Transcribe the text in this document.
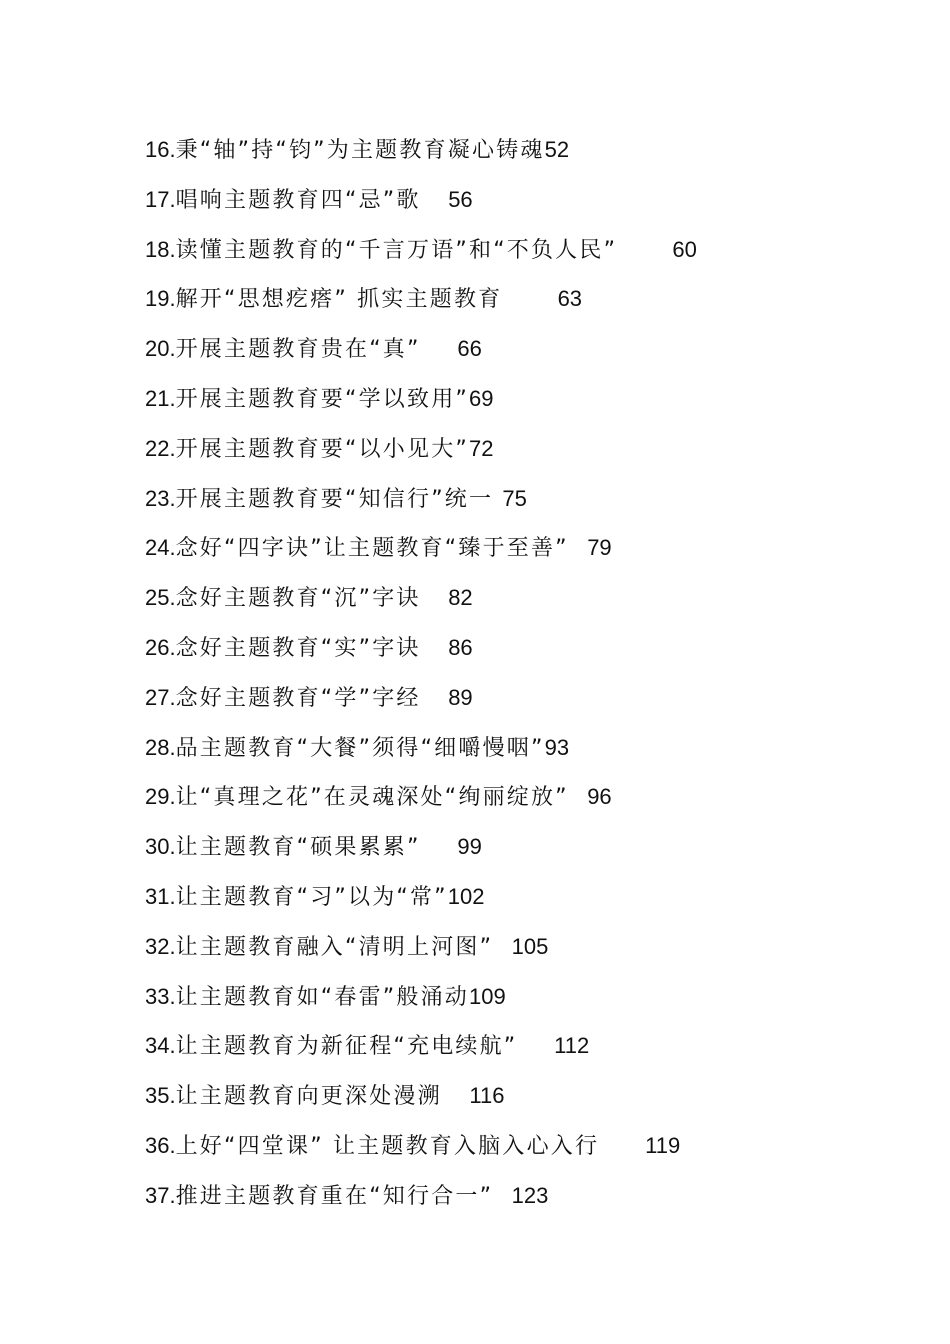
16.秉“轴”持“钧”为主题教育凝心铸魂52
17.唱响主题教育四“忌”歌 56
18.读懂主题教育的“千言万语”和“不负人民”	60
19.解开“思想疙瘩” 抓实主题教育	63
20.开展主题教育贵在“真” 66
21.开展主题教育要“学以致用”69
22.开展主题教育要“以小见大”72
23.开展主题教育要“知信行”统一 75
24.念好“四字诀”让主题教育“臻于至善” 79
25.念好主题教育“沉”字诀 82
26.念好主题教育“实”字诀 86
27.念好主题教育“学”字经 89
28.品主题教育“大餐”须得“细嚼慢咽”93
29.让“真理之花”在灵魂深处“绚丽绽放” 96
30.让主题教育“硕果累累” 99
31.让主题教育“习”以为“常”102
32.让主题教育融入“清明上河图” 105
33.让主题教育如“春雷”般涌动109
34.让主题教育为新征程“充电续航” 112
35.让主题教育向更深处漫溯 116
36.上好“四堂课” 让主题教育入脑入心入行 119
37.推进主题教育重在“知行合一” 123
